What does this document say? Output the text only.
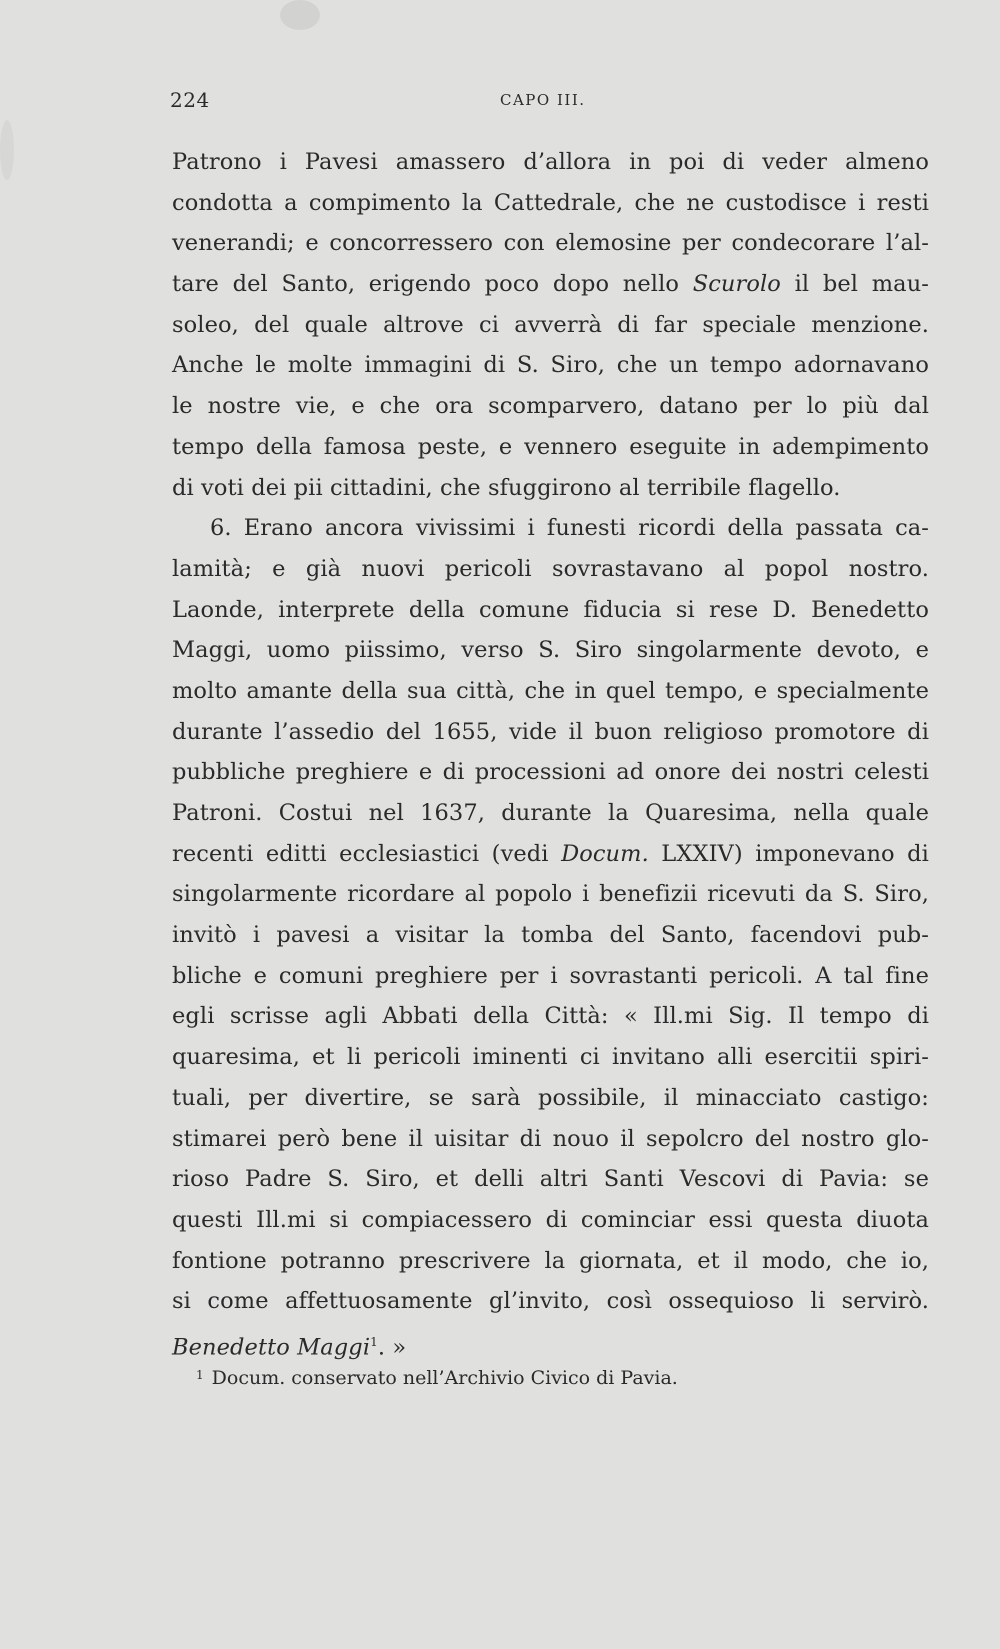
224	CAPO III.
Patrono i Pavesi amassero d’allora in poi di veder almeno
condotta a compimento la Cattedrale, che ne custodisce i resti
venerandi; e concorressero con elemosine per condecorare l’al-
tare del Santo, erigendo poco dopo nello Scurolo il bel mau-
soleo, del quale altrove ci avverrà di far speciale menzione.
Anche le molte immagini di S. Siro, che un tempo adornavano
le nostre vie, e che ora scomparvero, datano per lo più dal
tempo della famosa peste, e vennero eseguite in adempimento
di voti dei pii cittadini, che sfuggirono al terribile flagello.
6. Erano ancora vivissimi i funesti ricordi della passata ca-
lamità; e già nuovi pericoli sovrastavano al popol nostro.
Laonde, interprete della comune fiducia si rese D. Benedetto
Maggi, uomo piissimo, verso S. Siro singolarmente devoto, e
molto amante della sua città, che in quel tempo, e specialmente
durante l’assedio del 1655, vide il buon religioso promotore di
pubbliche preghiere e di processioni ad onore dei nostri celesti
Patroni. Costui nel 1637, durante la Quaresima, nella quale
recenti editti ecclesiastici (vedi Docum. LXXIV) imponevano di
singolarmente ricordare al popolo i benefizii ricevuti da S. Siro,
invitò i pavesi a visitar la tomba del Santo, facendovi pub-
bliche e comuni preghiere per i sovrastanti pericoli. A tal fine
egli scrisse agli Abbati della Città: « Ill.mi Sig. Il tempo di
quaresima, et li pericoli iminenti ci invitano alli esercitii spiri-
tuali, per divertire, se sarà possibile, il minacciato castigo:
stimarei però bene il uisitar di nouo il sepolcro del nostro glo-
rioso Padre S. Siro, et delli altri Santi Vescovi di Pavia: se
questi Ill.mi si compiacessero di cominciar essi questa diuota
fontione potranno prescrivere la giornata, et il modo, che io,
si come affettuosamente gl’invito, così ossequioso li servirò.
Benedetto Maggi$^1$. »
$^1$ Docum. conservato nell’Archivio Civico di Pavia.
